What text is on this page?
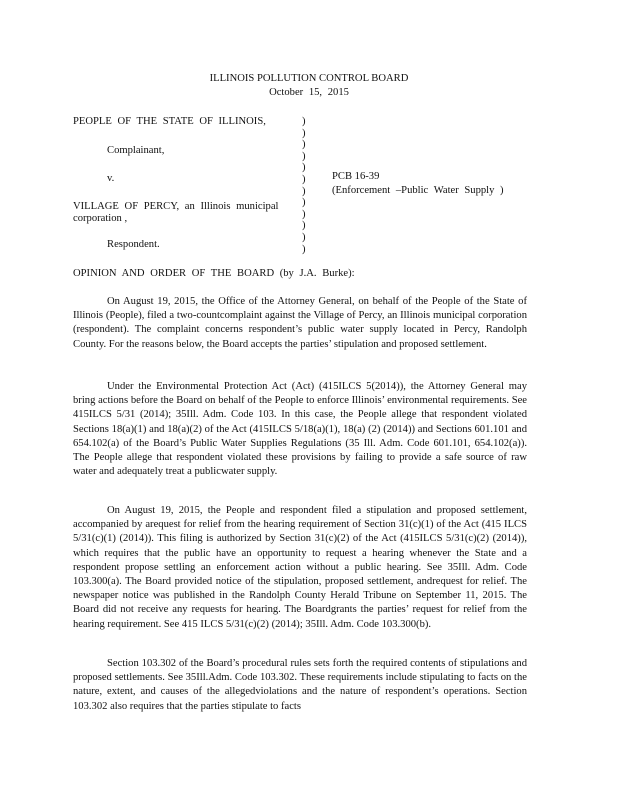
ILLINOIS POLLUTION CONTROL BOARD
October 15, 2015
PEOPLE OF THE STATE OF ILLINOIS,
Complainant,
v.
VILLAGE OF PERCY, an Illinois municipal
corporation ,
Respondent.
)
)
)
)
)
)
)
)
)
)
)
)
PCB 16-39
(Enforcement –Public Water Supply )
OPINION AND ORDER OF THE BOARD (by J.A. Burke):
On August 19, 2015, the Office of the Attorney General, on behalf of the People of the State of Illinois (People), filed a two-countcomplaint against the Village of Percy, an Illinois municipal corporation (respondent). The complaint concerns respondent’s public water supply located in Percy, Randolph County. For the reasons below, the Board accepts the parties’ stipulation and proposed settlement.
Under the Environmental Protection Act (Act) (415ILCS 5(2014)), the Attorney General may bring actions before the Board on behalf of the People to enforce Illinois’ environmental requirements. See 415ILCS 5/31 (2014); 35Ill. Adm. Code 103. In this case, the People allege that respondent violated Sections 18(a)(1) and 18(a)(2) of the Act (415ILCS 5/18(a)(1), 18(a) (2) (2014)) and Sections 601.101 and 654.102(a) of the Board’s Public Water Supplies Regulations (35 Ill. Adm. Code 601.101, 654.102(a)). The People allege that respondent violated these provisions by failing to provide a safe source of raw water and adequately treat a publicwater supply.
On August 19, 2015, the People and respondent filed a stipulation and proposed settlement, accompanied by arequest for relief from the hearing requirement of Section 31(c)(1) of the Act (415 ILCS 5/31(c)(1) (2014)). This filing is authorized by Section 31(c)(2) of the Act (415ILCS 5/31(c)(2) (2014)), which requires that the public have an opportunity to request a hearing whenever the State and a respondent propose settling an enforcement action without a public hearing. See 35Ill. Adm. Code 103.300(a). The Board provided notice of the stipulation, proposed settlement, andrequest for relief. The newspaper notice was published in the Randolph County Herald Tribune on September 11, 2015. The Board did not receive any requests for hearing. The Boardgrants the parties’ request for relief from the hearing requirement. See 415 ILCS 5/31(c)(2) (2014); 35Ill. Adm. Code 103.300(b).
Section 103.302 of the Board’s procedural rules sets forth the required contents of stipulations and proposed settlements. See 35Ill.Adm. Code 103.302. These requirements include stipulating to facts on the nature, extent, and causes of the allegedviolations and the nature of respondent’s operations. Section 103.302 also requires that the parties stipulate to facts
